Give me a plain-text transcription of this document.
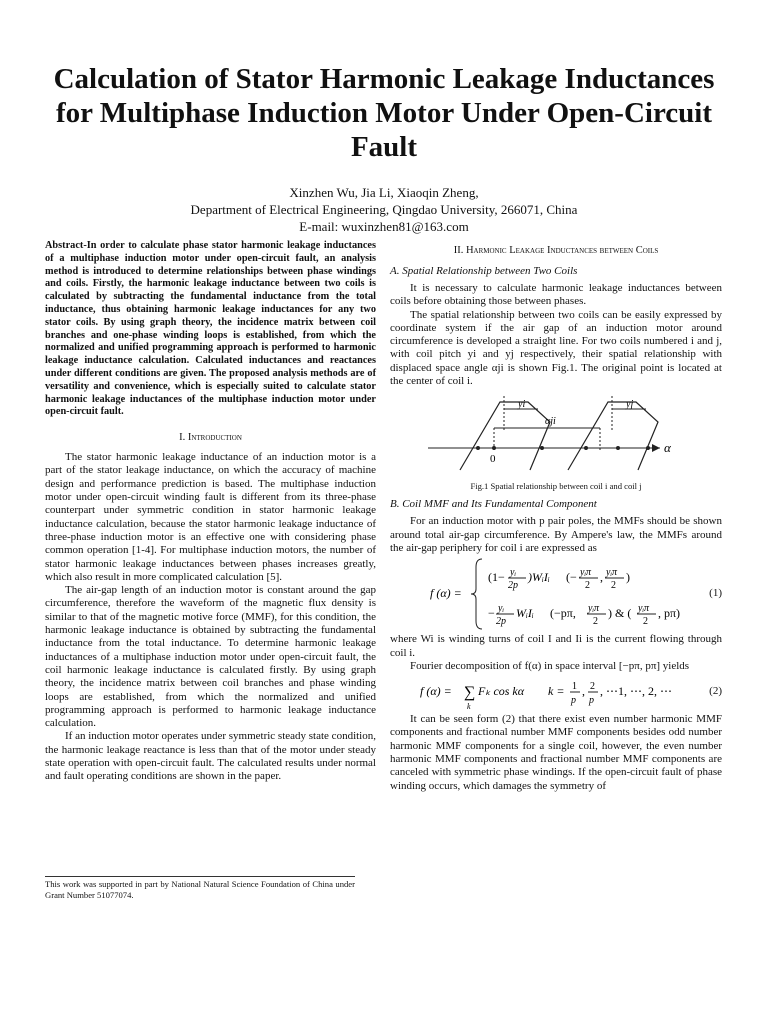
Calculation of Stator Harmonic Leakage Inductances for Multiphase Induction Motor Under Open-Circuit Fault
Xinzhen Wu, Jia Li, Xiaoqin Zheng,
Department of Electrical Engineering, Qingdao University, 266071, China
E-mail: wuxinzhen81@163.com

Abstract-In order to calculate phase stator harmonic leakage inductances of a multiphase induction motor under open-circuit fault, an analysis method is introduced to determine relationships between phase windings and coils. Firstly, the harmonic leakage inductance between two coils is calculated by subtracting the fundamental inductance from the total inductance, thus obtaining harmonic leakage inductances for any two stator coils. By using graph theory, the incidence matrix between coil branches and one-phase winding loops is established, from which the normalized and unified programming approach is performed to harmonic leakage inductance calculation. Calculated inductances and reactances under different conditions are given. The proposed analysis methods are of versatility and convenience, which is especially suited to calculate stator harmonic leakage inductances of the multiphase induction motor under open-circuit fault.

I. Introduction

The stator harmonic leakage inductance of an induction motor is a part of the stator leakage inductance, on which the accuracy of machine design and performance prediction is based. The multiphase induction motor under open-circuit winding fault is different from its three-phase counterpart under symmetric condition in stator harmonic leakage inductance calculation, because the stator harmonic leakage inductance of three-phase induction motor is an effective one with considering phase common operation [1-4]. For multiphase induction motors, the number of stator harmonic leakage inductances between phases increases greatly, which also result in more complicated calculation [5].

The air-gap length of an induction motor is constant around the gap circumference, therefore the waveform of the magnetic flux density is similar to that of the magnetic motive force (MMF), for this condition, the harmonic leakage inductance is obtained by subtracting the fundamental inductance from the total inductance. To determine harmonic leakage inductances of a multiphase induction motor under open-circuit fault, the coil harmonic leakage inductance is calculated firstly. By using graph theory, the incidence matrix between coil branches and phase winding loops are established, from which the normalized and unified programming approach is performed to harmonic leakage inductance calculation.

If an induction motor operates under symmetric steady state condition, the harmonic leakage reactance is less than that of the motor under steady state operation with open-circuit fault. The calculated results under normal and fault operating conditions are shown in the paper.

This work was supported in part by National Natural Science Foundation of China under Grant Number 51077074.
II. Harmonic Leakage Inductances between Coils
A. Spatial Relationship between Two Coils

It is necessary to calculate harmonic leakage inductances between coils before obtaining those between phases.

The spatial relationship between two coils can be easily expressed by coordinate system if the air gap of an induction motor around circumference is developed a straight line. For two coils numbered i and j, with coil pitch yi and yj respectively, their spatial relationship with displaced space angle αji is shown Fig.1. The original point is located at the center of coil i.

yi	yj
αji
0
α
Fig.1 Spatial relationship between coil i and coil j
B. Coil MMF and Its Fundamental Component

For an induction motor with p pair poles, the MMFs should be shown around total air-gap circumference. By Ampere's law, the MMFs around the air-gap periphery for coil i are expressed as

f (α) =
(1− yᵢ
2p
)WᵢIᵢ (− yᵢπ
2
, yᵢπ
2
)
− yᵢ
2p
WᵢIᵢ (−pπ, yᵢπ
2
) & ( yᵢπ
2
, pπ)
(1)

where Wi is winding turns of coil I and Ii is the current flowing through coil i.

Fourier decomposition of f(α) in space interval [−pπ, pπ] yields

f (α) = ∑
k
Fₖ cos kα k = 1
p
, 2
p
, ⋯1, ⋯, 2, ⋯	(2)

It can be seen form (2) that there exist even number harmonic MMF components and fractional number MMF components besides odd number harmonic MMF components for a single coil, however, the even number harmonic MMF components and fractional number MMF components are canceled with symmetric phase windings. If the open-circuit fault of phase winding occurs, which damages the symmetry of
